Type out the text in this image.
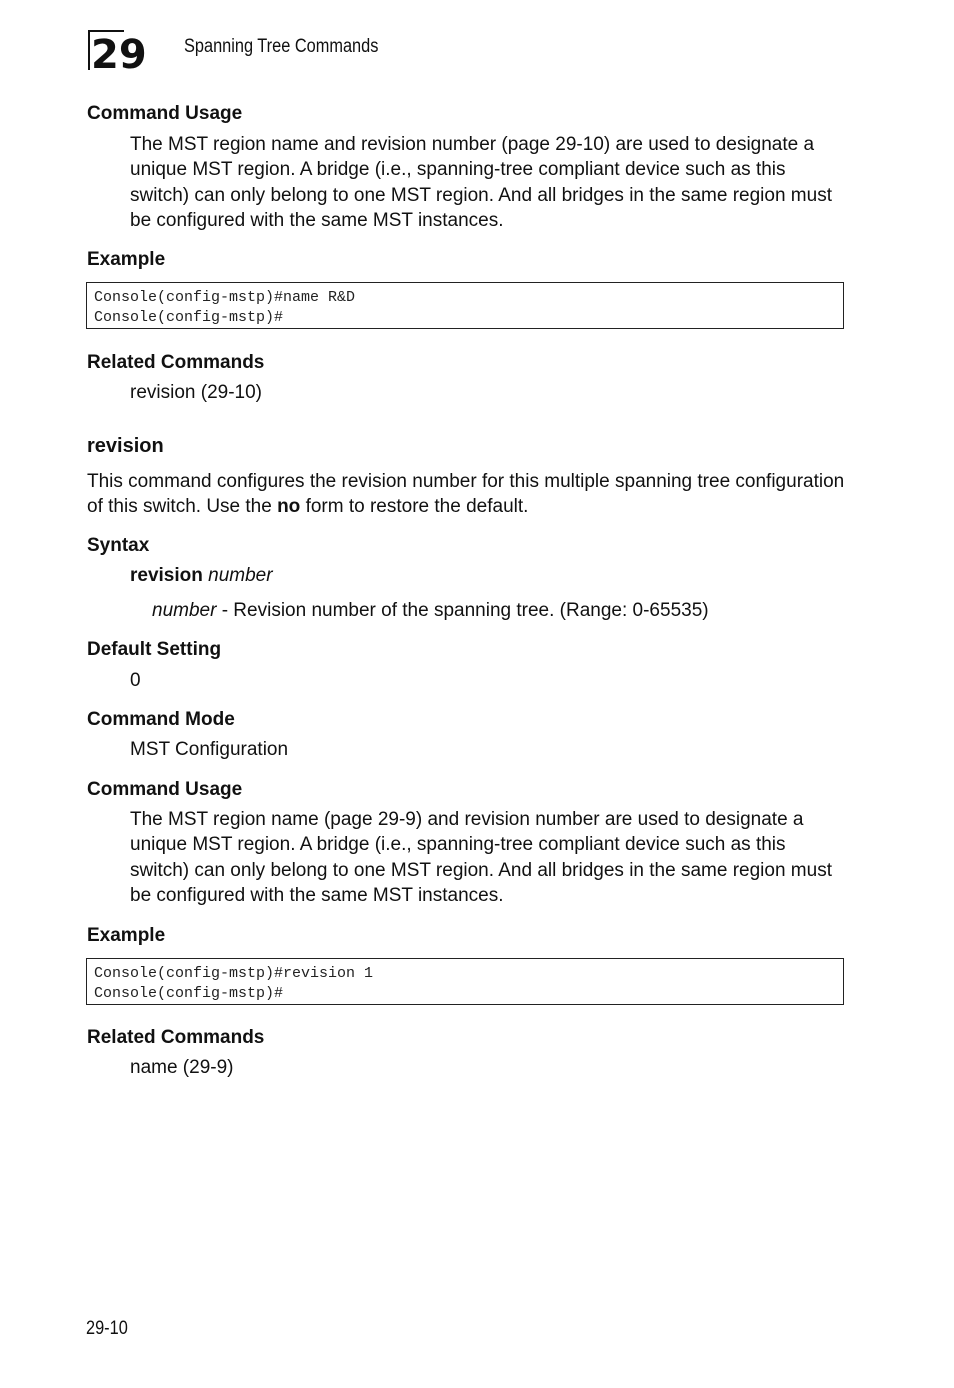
29 Spanning Tree Commands
Command Usage
The MST region name and revision number (page 29-10) are used to designate a unique MST region. A bridge (i.e., spanning-tree compliant device such as this switch) can only belong to one MST region. And all bridges in the same region must be configured with the same MST instances.
Example
Console(config-mstp)#name R&D
Console(config-mstp)#
Related Commands
revision (29-10)
revision
This command configures the revision number for this multiple spanning tree configuration of this switch. Use the no form to restore the default.
Syntax
revision number
number - Revision number of the spanning tree. (Range: 0-65535)
Default Setting
0
Command Mode
MST Configuration
Command Usage
The MST region name (page 29-9) and revision number are used to designate a unique MST region. A bridge (i.e., spanning-tree compliant device such as this switch) can only belong to one MST region. And all bridges in the same region must be configured with the same MST instances.
Example
Console(config-mstp)#revision 1
Console(config-mstp)#
Related Commands
name (29-9)
29-10
